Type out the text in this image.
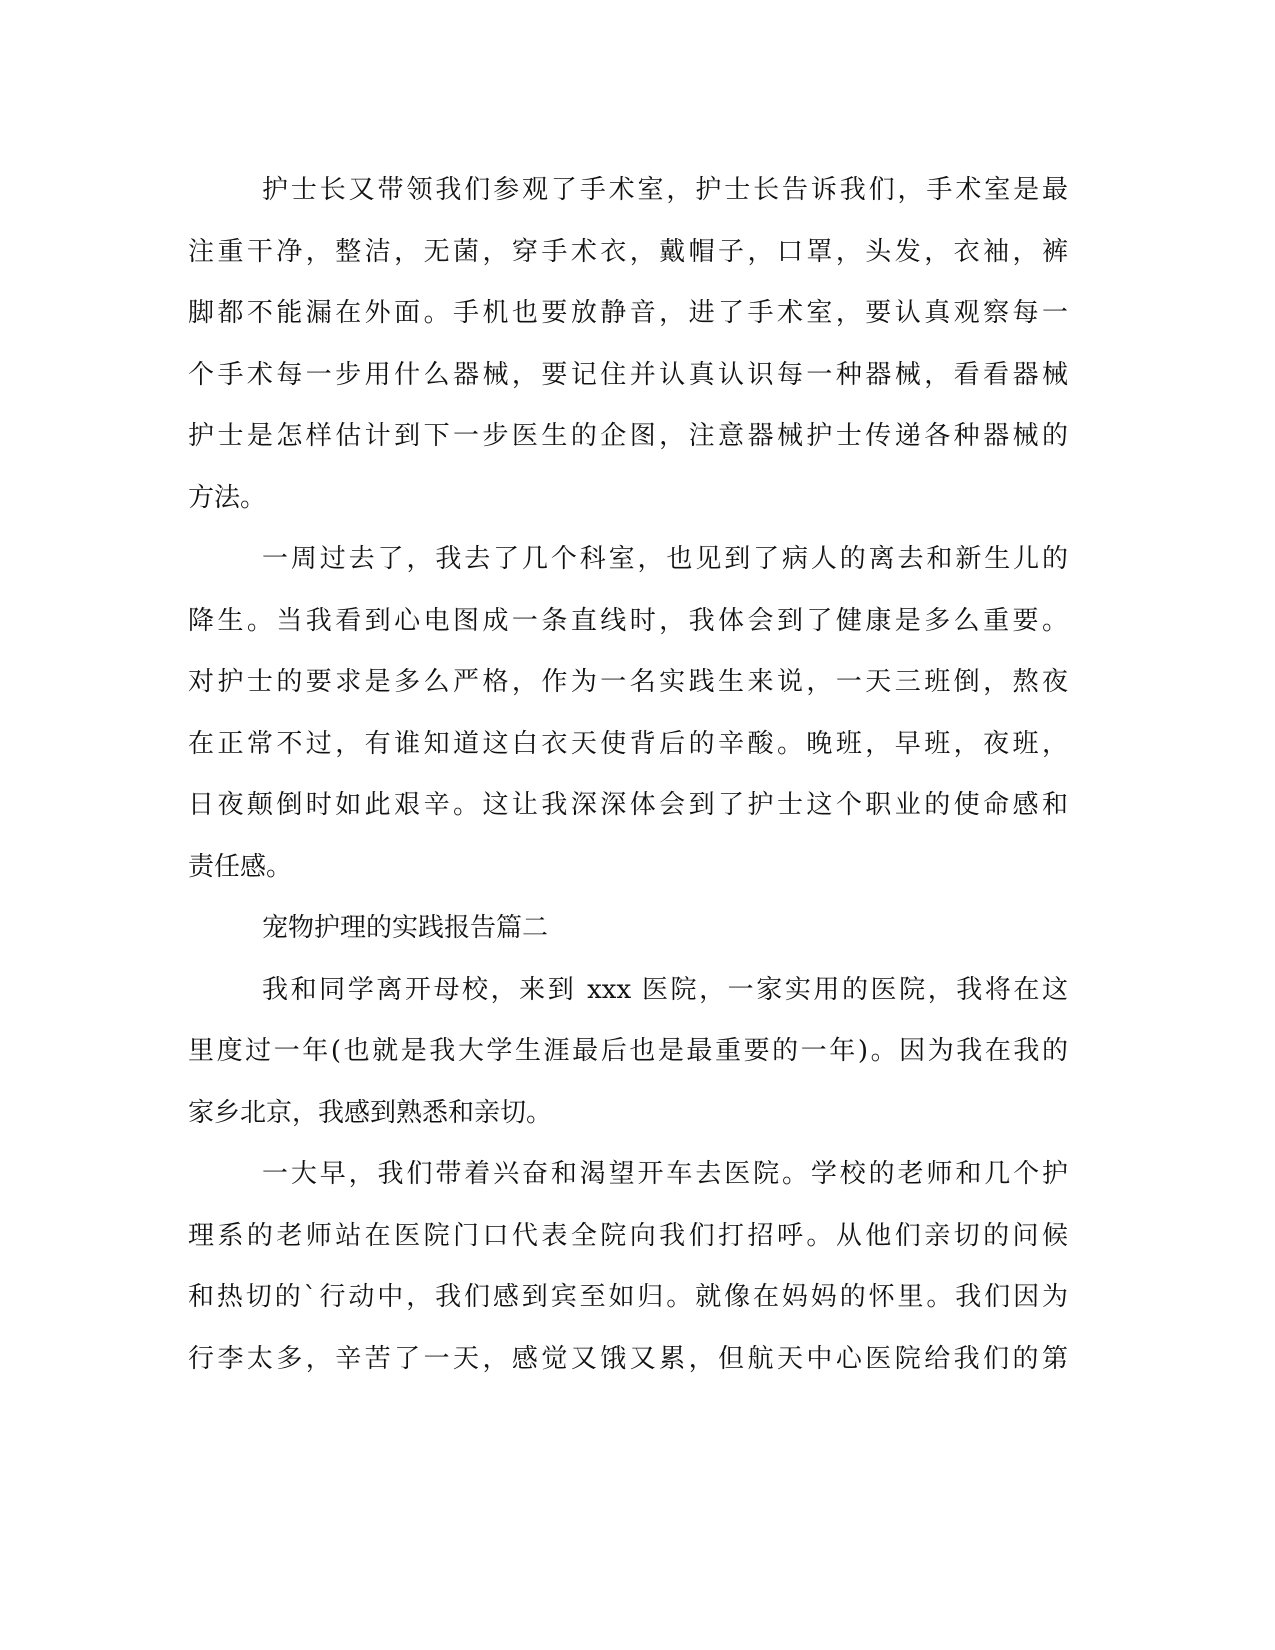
护士长又带领我们参观了手术室，护士长告诉我们，手术室是最
注重干净，整洁，无菌，穿手术衣，戴帽子，口罩，头发，衣袖，裤
脚都不能漏在外面。手机也要放静音，进了手术室，要认真观察每一
个手术每一步用什么器械，要记住并认真认识每一种器械，看看器械
护士是怎样估计到下一步医生的企图，注意器械护士传递各种器械的
方法。
一周过去了，我去了几个科室，也见到了病人的离去和新生儿的
降生。当我看到心电图成一条直线时，我体会到了健康是多么重要。
对护士的要求是多么严格，作为一名实践生来说，一天三班倒，熬夜
在正常不过，有谁知道这白衣天使背后的辛酸。晚班，早班，夜班，
日夜颠倒时如此艰辛。这让我深深体会到了护士这个职业的使命感和
责任感。
宠物护理的实践报告篇二
我和同学离开母校，来到 xxx 医院，一家实用的医院，我将在这
里度过一年(也就是我大学生涯最后也是最重要的一年)。因为我在我的
家乡北京，我感到熟悉和亲切。
一大早，我们带着兴奋和渴望开车去医院。学校的老师和几个护
理系的老师站在医院门口代表全院向我们打招呼。从他们亲切的问候
和热切的`行动中，我们感到宾至如归。就像在妈妈的怀里。我们因为
行李太多，辛苦了一天，感觉又饿又累，但航天中心医院给我们的第
